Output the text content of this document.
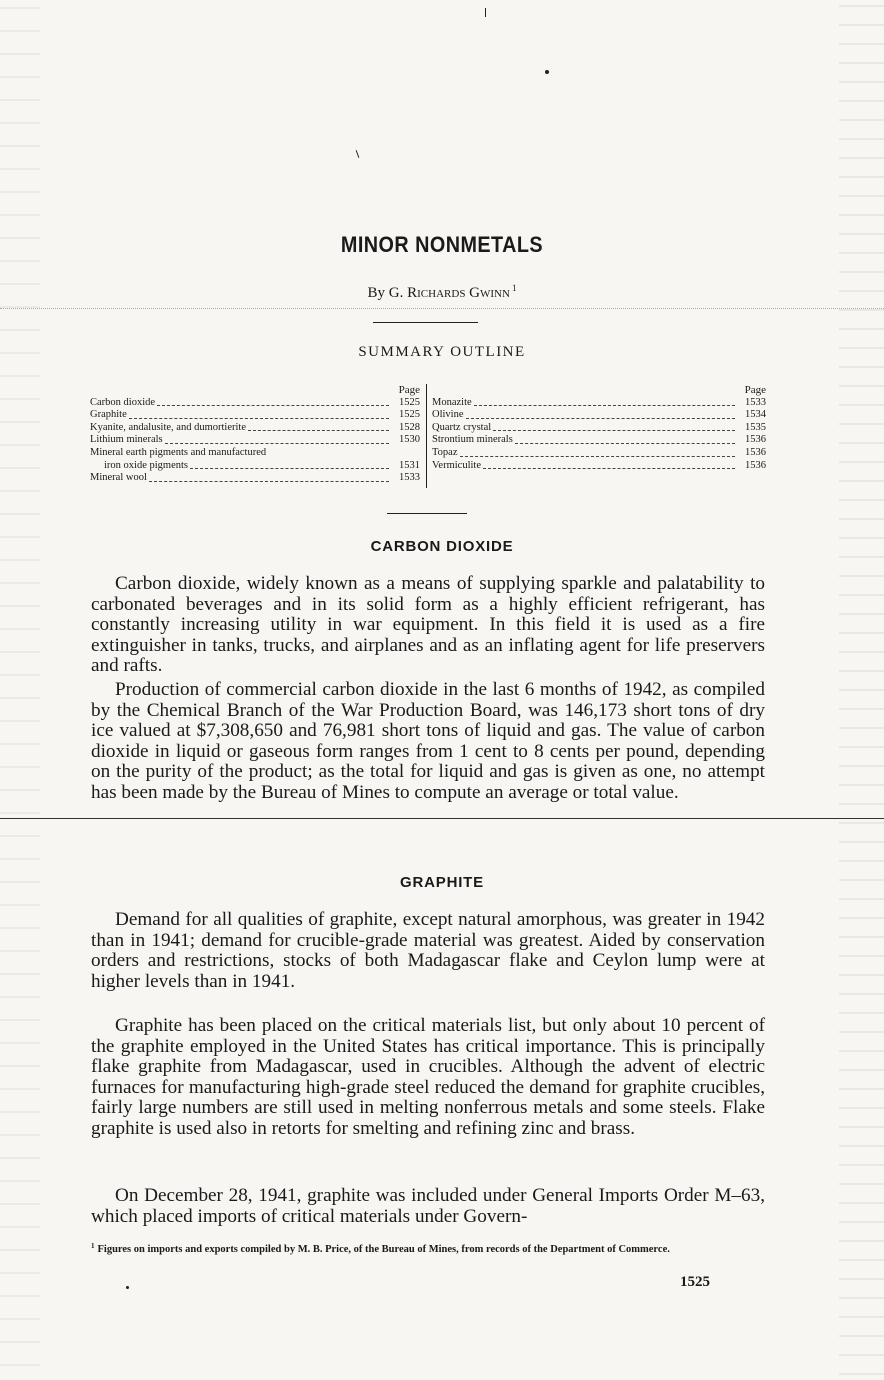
MINOR NONMETALS
By G. Richards Gwinn $^1$
SUMMARY OUTLINE
Page
Carbon dioxide	1525
Graphite	1525
Kyanite, andalusite, and dumortierite	1528
Lithium minerals	1530
Mineral earth pigments and manufactured
iron oxide pigments	1531
Mineral wool	1533
Page
Monazite	1533
Olivine	1534
Quartz crystal	1535
Strontium minerals	1536
Topaz	1536
Vermiculite	1536
CARBON DIOXIDE
Carbon dioxide, widely known as a means of supplying sparkle and palatability to carbonated beverages and in its solid form as a highly efficient refrigerant, has constantly increasing utility in war equipment. In this field it is used as a fire extinguisher in tanks, trucks, and airplanes and as an inflating agent for life preservers and rafts.
Production of commercial carbon dioxide in the last 6 months of 1942, as compiled by the Chemical Branch of the War Production Board, was 146,173 short tons of dry ice valued at $7,308,650 and 76,981 short tons of liquid and gas. The value of carbon dioxide in liquid or gaseous form ranges from 1 cent to 8 cents per pound, depending on the purity of the product; as the total for liquid and gas is given as one, no attempt has been made by the Bureau of Mines to compute an average or total value.
GRAPHITE
Demand for all qualities of graphite, except natural amorphous, was greater in 1942 than in 1941; demand for crucible-grade material was greatest. Aided by conservation orders and restrictions, stocks of both Madagascar flake and Ceylon lump were at higher levels than in 1941.
Graphite has been placed on the critical materials list, but only about 10 percent of the graphite employed in the United States has critical importance. This is principally flake graphite from Madagascar, used in crucibles. Although the advent of electric furnaces for manufacturing high-grade steel reduced the demand for graphite crucibles, fairly large numbers are still used in melting nonferrous metals and some steels. Flake graphite is used also in retorts for smelting and refining zinc and brass.
On December 28, 1941, graphite was included under General Imports Order M–63, which placed imports of critical materials under Govern-
$^1$ Figures on imports and exports compiled by M. B. Price, of the Bureau of Mines, from records of the Department of Commerce.
1525
